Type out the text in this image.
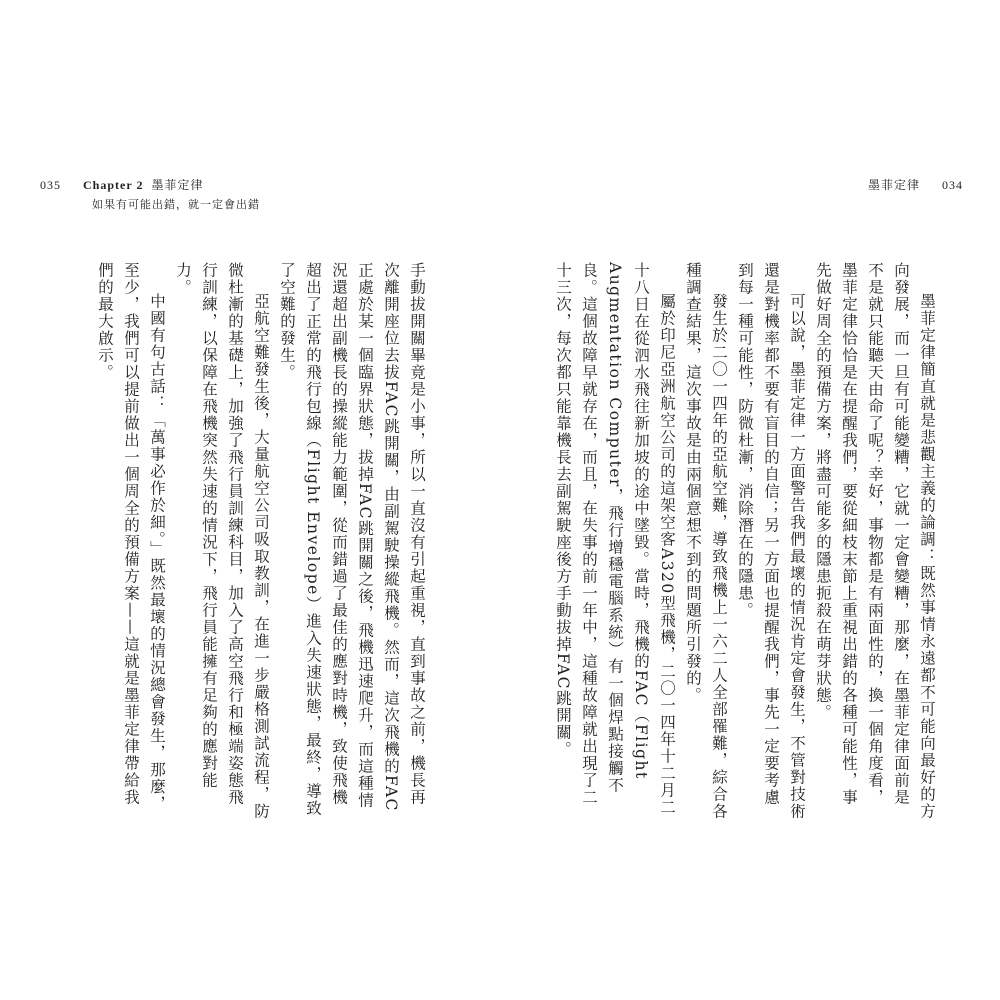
035 Chapter 2 墨菲定律
如果有可能出錯，就一定會出錯
墨菲定律 034

墨菲定律簡直就是悲觀主義的論調：既然事情永遠都不可能向最好的方向發展，而一旦有可能變糟，它就一定會變糟，那麼，在墨菲定律面前是不是就只能聽天由命了呢？幸好，事物都是有兩面性的，換一個角度看，墨菲定律恰恰是在提醒我們，要從細枝末節上重視出錯的各種可能性，事先做好周全的預備方案，將盡可能多的隱患扼殺在萌芽狀態。

可以說，墨菲定律一方面警告我們最壞的情況肯定會發生，不管對技術還是對機率都不要有盲目的自信；另一方面也提醒我們，事先一定要考慮到每一種可能性，防微杜漸，消除潛在的隱患。

發生於二〇一四年的亞航空難，導致飛機上一六二人全部罹難，綜合各種調查結果，這次事故是由兩個意想不到的問題所引發的。

屬於印尼亞洲航空公司的這架空客A320型飛機，二〇一四年十二月二十八日在從泗水飛往新加坡的途中墜毀。當時，飛機的FAC（Flight Augmentation Computer，飛行增穩電腦系統）有一個焊點接觸不良。這個故障早就存在，而且，在失事的前一年中，這種故障就出現了二十三次，每次都只能靠機長去副駕駛座後方手動拔掉FAC跳開關。

手動拔開關畢竟是小事，所以一直沒有引起重視，直到事故之前，機長再次離開座位去拔FAC跳開關，由副駕駛操縱飛機。然而，這次飛機的FAC正處於某一個臨界狀態，拔掉FAC跳開關之後，飛機迅速爬升，而這種情況還超出副機長的操縱能力範圍，從而錯過了最佳的應對時機，致使飛機超出了正常的飛行包線（Flight Envelope）進入失速狀態，最終，導致了空難的發生。

亞航空難發生後，大量航空公司吸取教訓，在進一步嚴格測試流程，防微杜漸的基礎上，加強了飛行員訓練科目，加入了高空飛行和極端姿態飛行訓練，以保障在飛機突然失速的情況下，飛行員能擁有足夠的應對能力。

中國有句古話：「萬事必作於細。」既然最壞的情況總會發生，那麼，至少，我們可以提前做出一個周全的預備方案——這就是墨菲定律帶給我們的最大啟示。
